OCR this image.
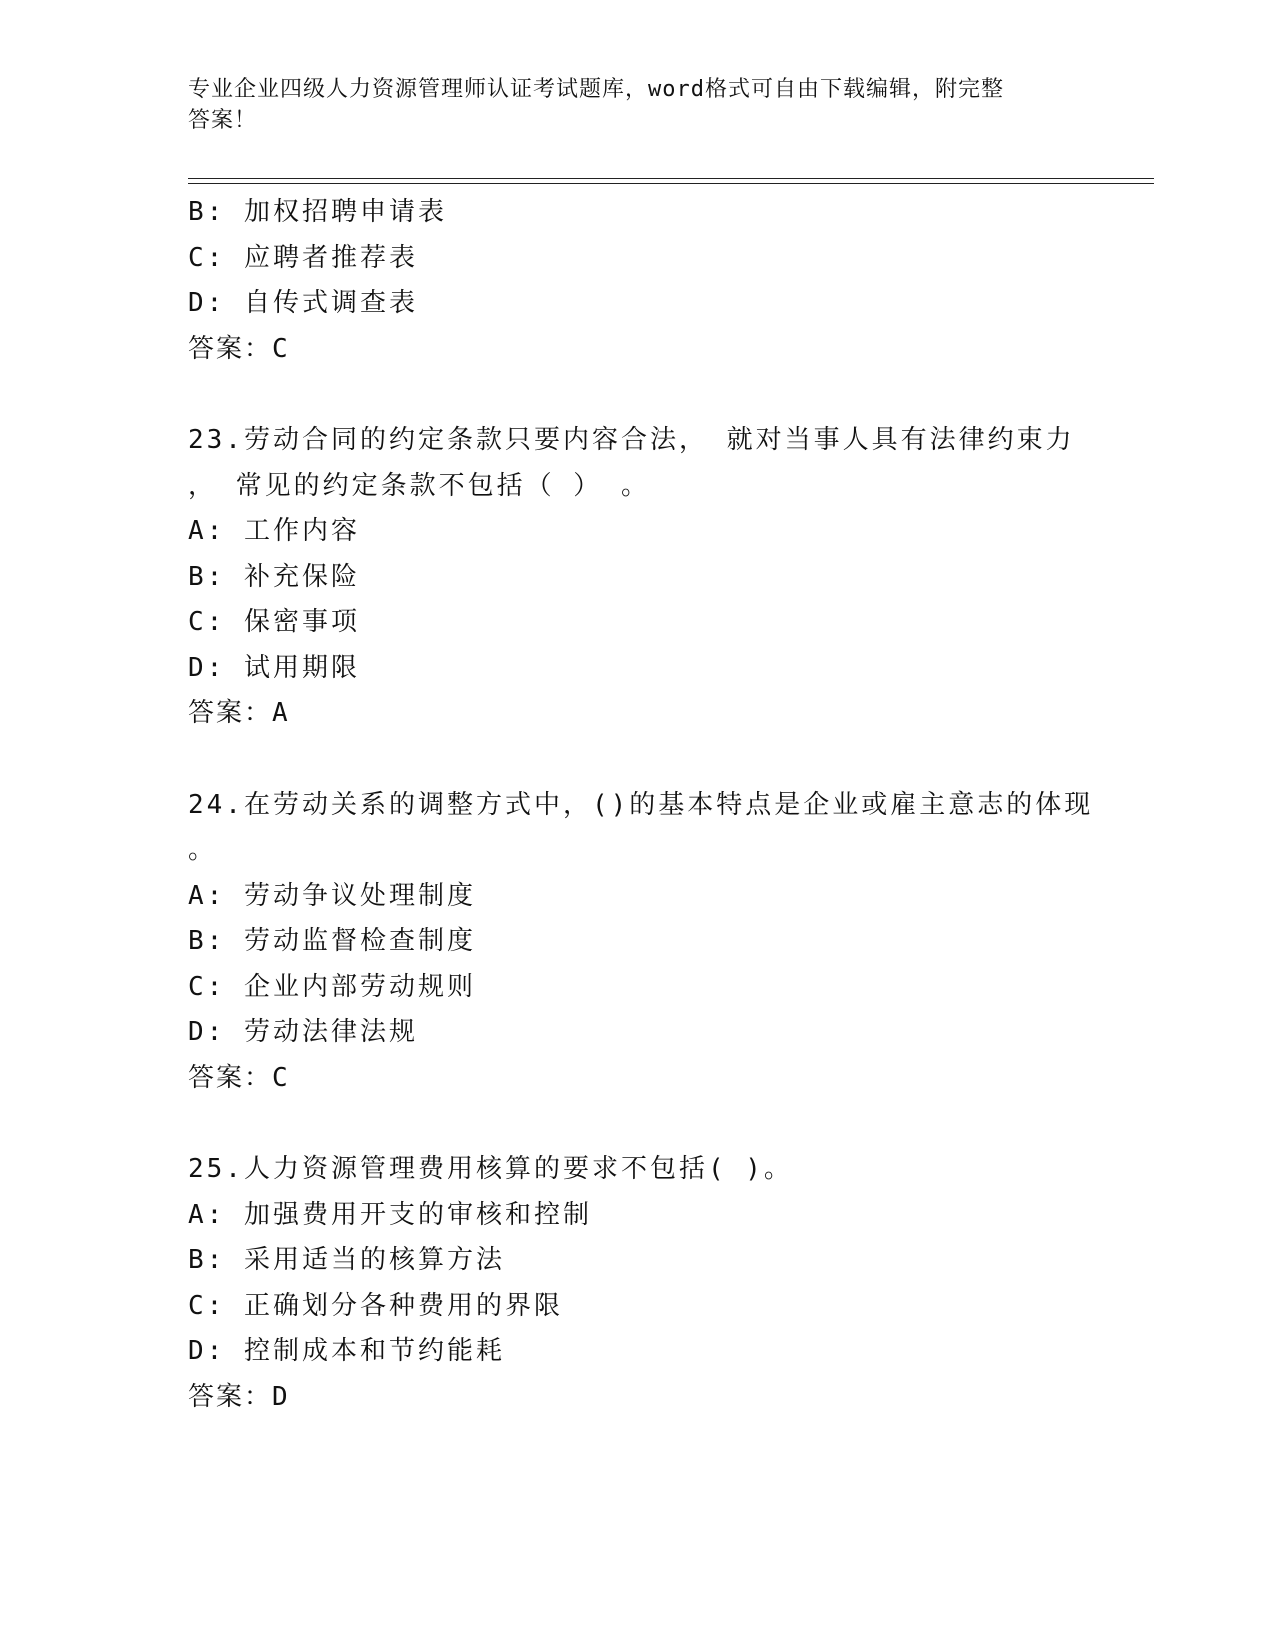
专业企业四级人力资源管理师认证考试题库，word格式可自由下载编辑，附完整
答案！
B: 加权招聘申请表
C: 应聘者推荐表
D: 自传式调查表
答案：C
23.劳动合同的约定条款只要内容合法， 就对当事人具有法律约束力
， 常见的约定条款不包括（ ） 。
A: 工作内容
B: 补充保险
C: 保密事项
D: 试用期限
答案：A
24.在劳动关系的调整方式中，()的基本特点是企业或雇主意志的体现
。
A: 劳动争议处理制度
B: 劳动监督检查制度
C: 企业内部劳动规则
D: 劳动法律法规
答案：C
25.人力资源管理费用核算的要求不包括( )。
A: 加强费用开支的审核和控制
B: 采用适当的核算方法
C: 正确划分各种费用的界限
D: 控制成本和节约能耗
答案：D
